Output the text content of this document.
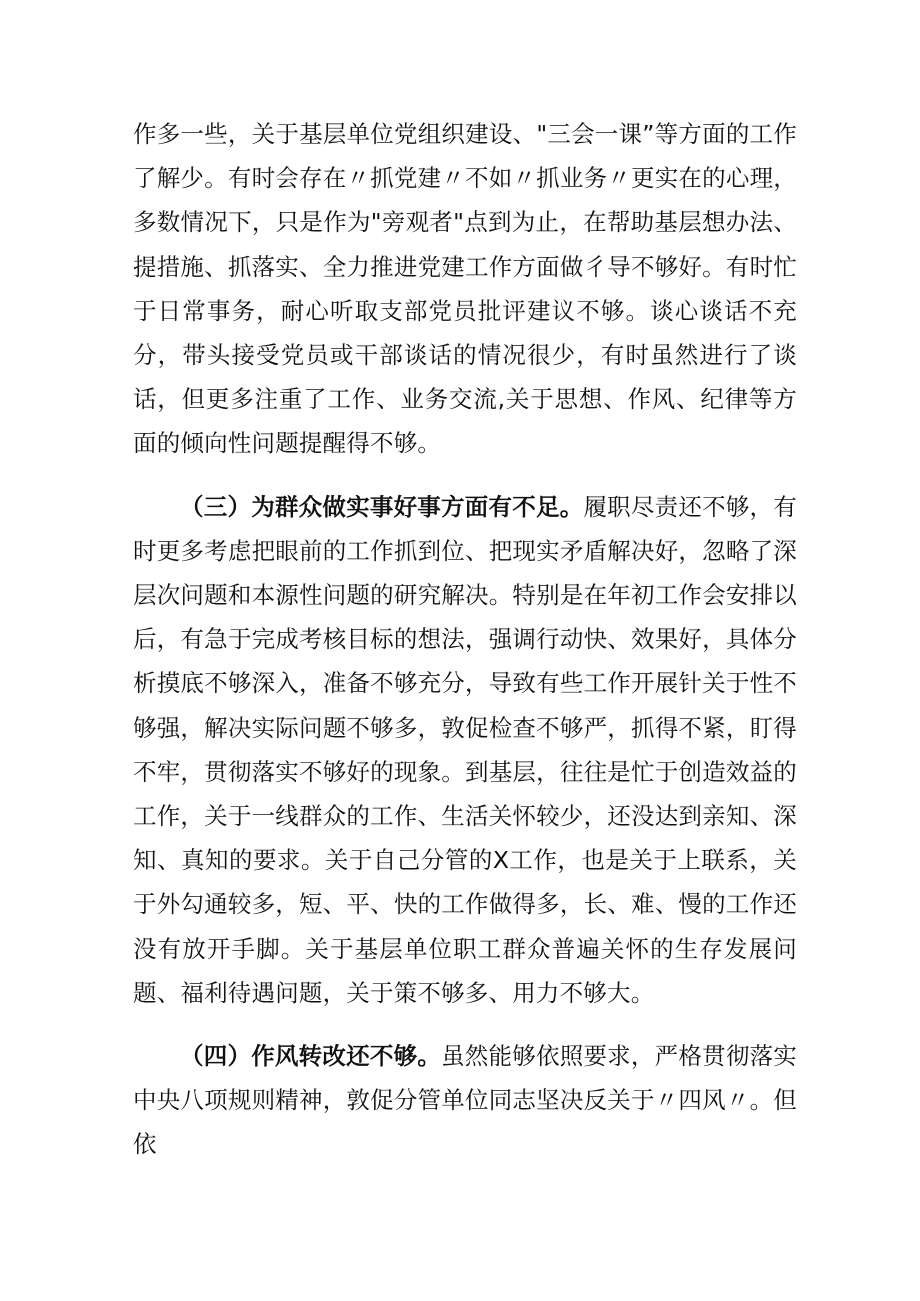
作多一些，关于基层单位党组织建设、"三会一课”等方面的工作了解少。有时会存在〃抓党建〃不如〃抓业务〃更实在的心理，多数情况下，只是作为"旁观者"点到为止，在帮助基层想办法、提措施、抓落实、全力推进党建工作方面做彳导不够好。有时忙于日常事务，耐心听取支部党员批评建议不够。谈心谈话不充分，带头接受党员或干部谈话的情况很少，有时虽然进行了谈话，但更多注重了工作、业务交流,关于思想、作风、纪律等方面的倾向性问题提醒得不够。

（三）为群众做实事好事方面有不足。履职尽责还不够，有时更多考虑把眼前的工作抓到位、把现实矛盾解决好，忽略了深层次问题和本源性问题的研究解决。特别是在年初工作会安排以后，有急于完成考核目标的想法，强调行动快、效果好，具体分析摸底不够深入，准备不够充分，导致有些工作开展针关于性不够强，解决实际问题不够多，敦促检查不够严，抓得不紧，盯得不牢，贯彻落实不够好的现象。到基层，往往是忙于创造效益的工作，关于一线群众的工作、生活关怀较少，还没达到亲知、深知、真知的要求。关于自己分管的X工作，也是关于上联系，关于外勾通较多，短、平、快的工作做得多，长、难、慢的工作还没有放开手脚。关于基层单位职工群众普遍关怀的生存发展问题、福利待遇问题，关于策不够多、用力不够大。

（四）作风转改还不够。虽然能够依照要求，严格贯彻落实中央八项规则精神，敦促分管单位同志坚决反关于〃四风〃。但依
